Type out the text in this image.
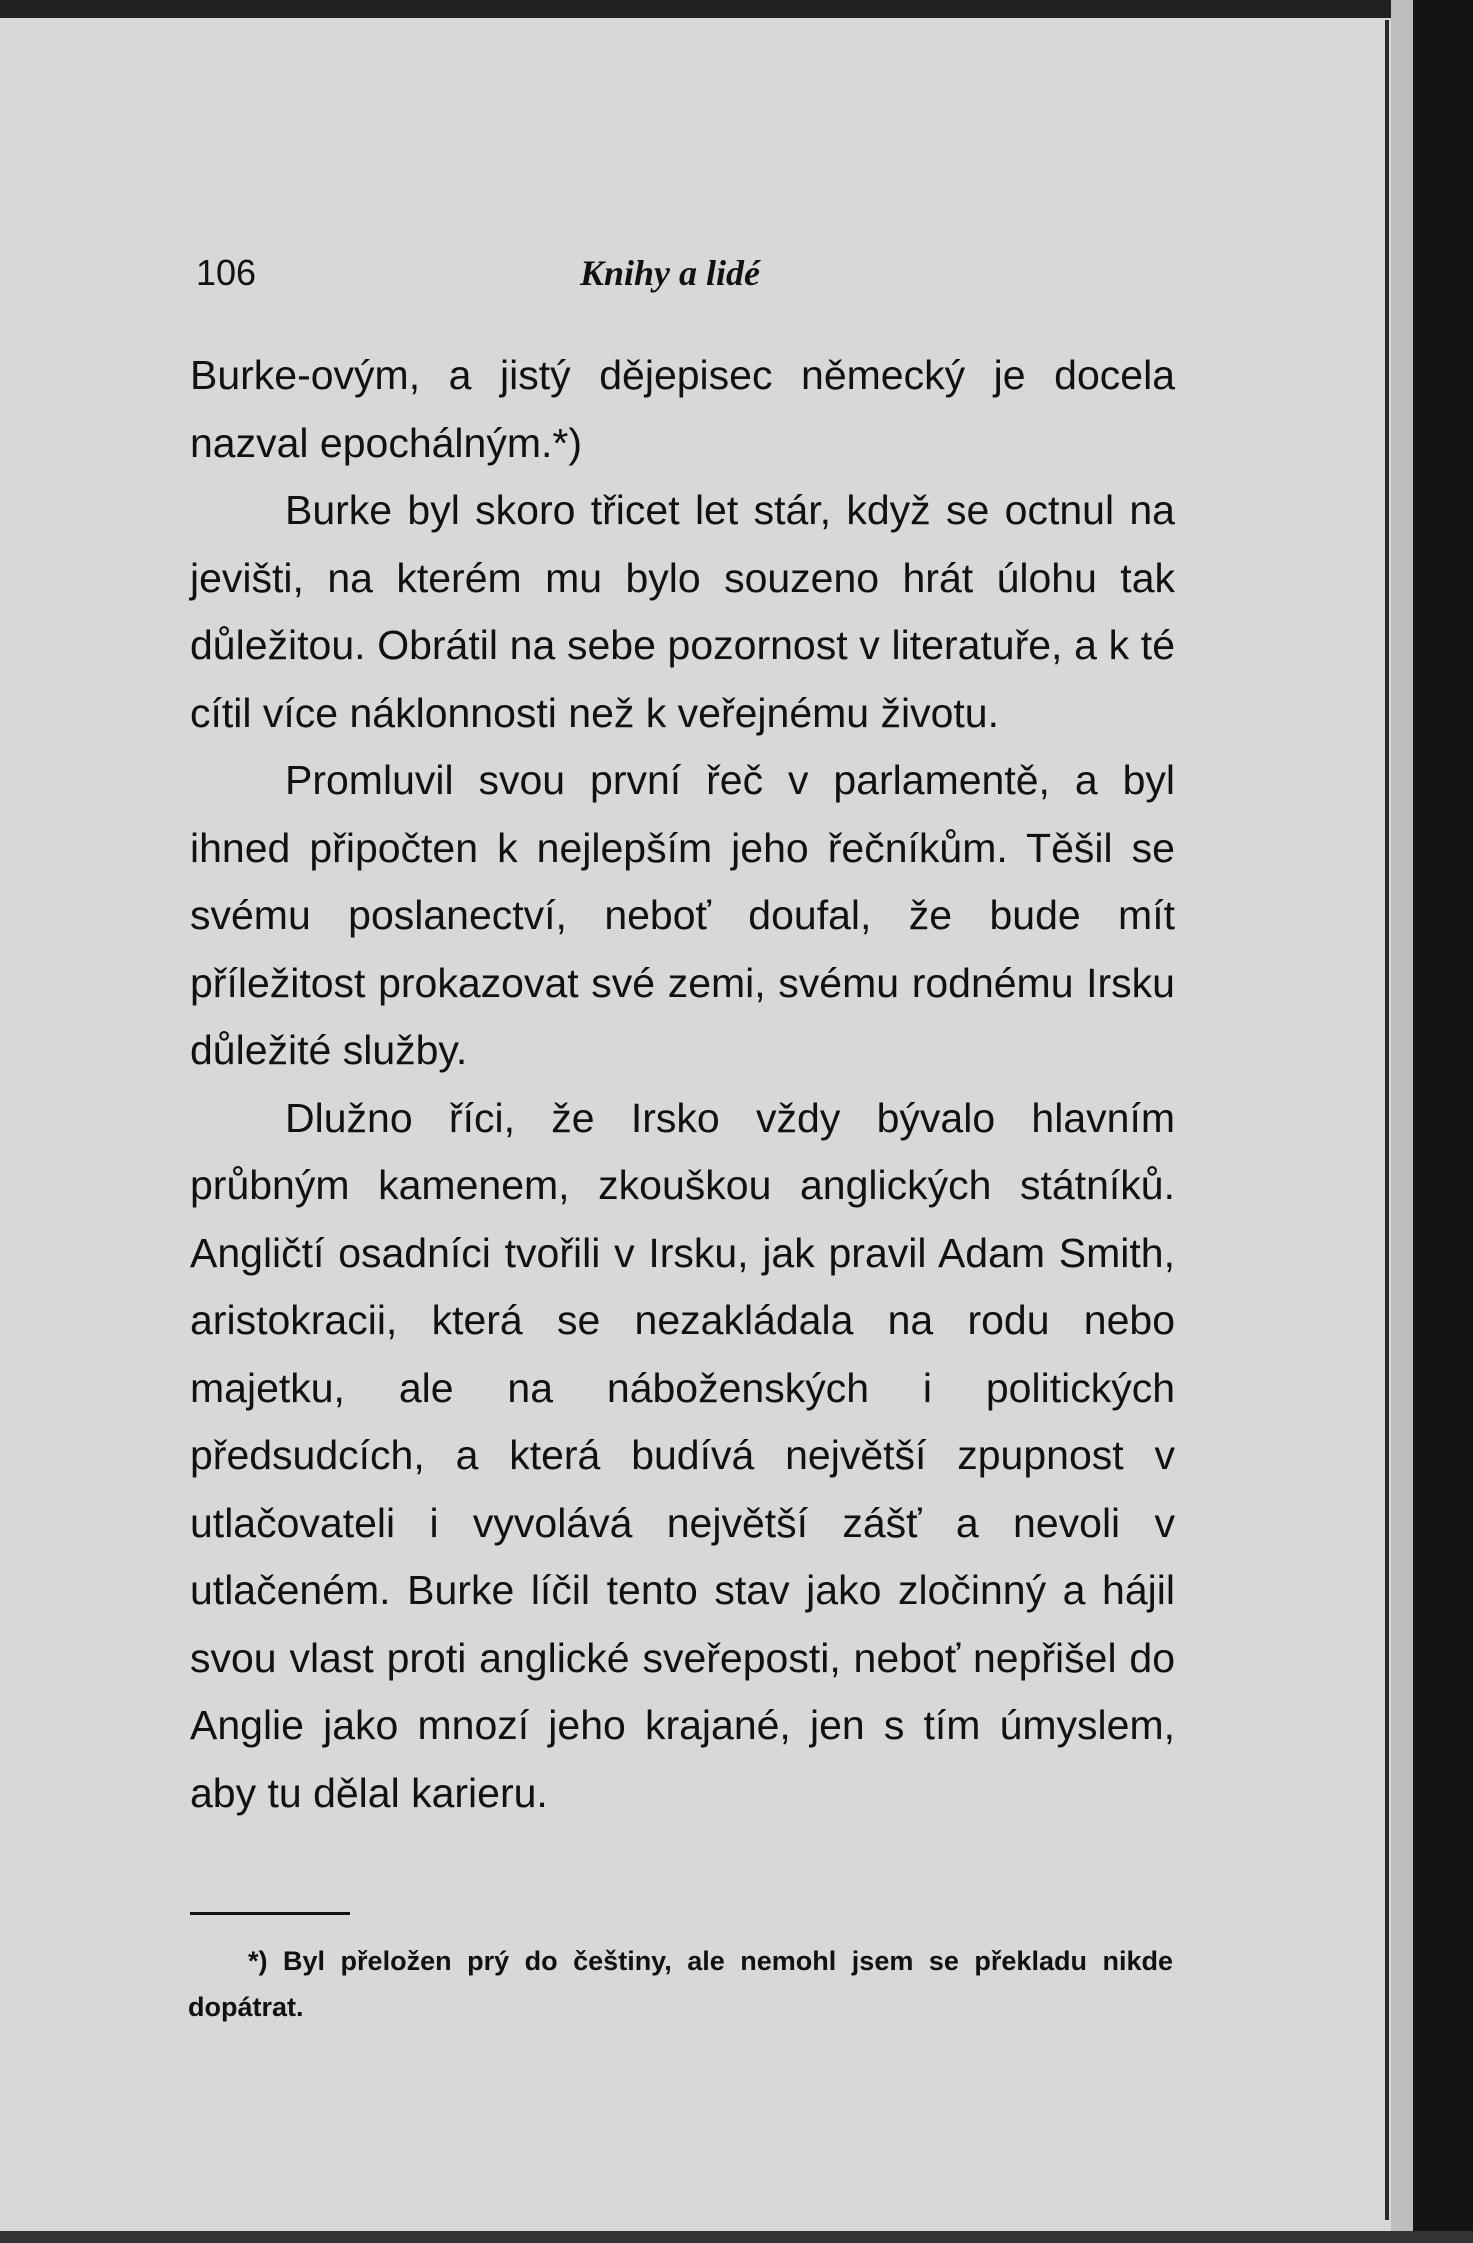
106	Knihy a lidé

Burke-ovým, a jistý dějepisec německý je docela nazval epochálným.*)

Burke byl skoro třicet let stár, když se octnul na jevišti, na kterém mu bylo souzeno hrát úlohu tak důležitou. Obrátil na sebe pozornost v literatuře, a k té cítil více náklonnosti než k veřejnému životu.

Promluvil svou první řeč v parlamentě, a byl ihned připočten k nejlepším jeho řečníkům. Těšil se svému poslanectví, neboť doufal, že bude mít příležitost prokazovat své zemi, svému rodnému Irsku důležité služby.

Dlužno říci, že Irsko vždy bývalo hlavním průbným kamenem, zkouškou anglických státníků. Angličtí osadníci tvořili v Irsku, jak pravil Adam Smith, aristokracii, která se nezakládala na rodu nebo majetku, ale na náboženských i politických předsudcích, a která budívá největší zpupnost v utlačovateli i vyvolává největší zášť a nevoli v utlačeném. Burke líčil tento stav jako zločinný a hájil svou vlast proti anglické sveřeposti, neboť nepřišel do Anglie jako mnozí jeho krajané, jen s tím úmyslem, aby tu dělal karieru.

*) Byl přeložen prý do češtiny, ale nemohl jsem se překladu nikde dopátrat.
